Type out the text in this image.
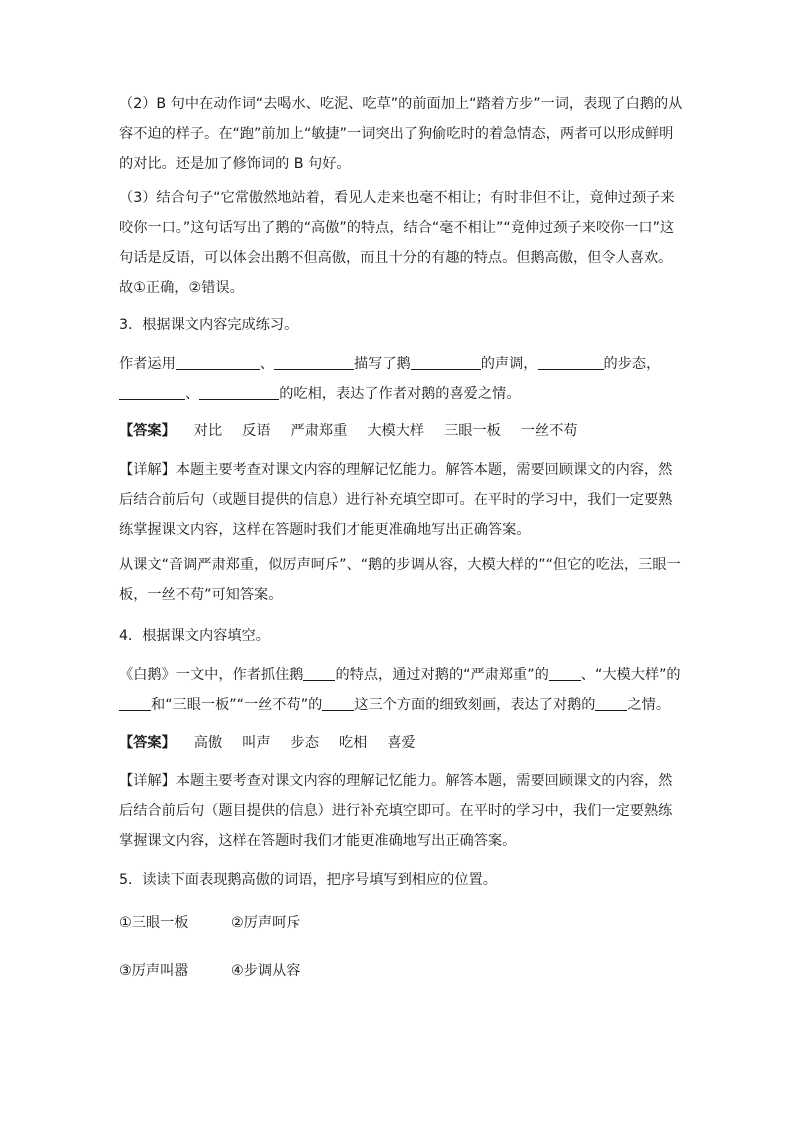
（2）B 句中在动作词“去喝水、吃泥、吃草”的前面加上“踏着方步”一词，表现了白鹅的从
容不迫的样子。在“跑”前加上“敏捷”一词突出了狗偷吃时的着急情态，两者可以形成鲜明
的对比。还是加了修饰词的 B 句好。

（3）结合句子“它常傲然地站着，看见人走来也毫不相让；有时非但不让，竟伸过颈子来
咬你一口。”这句话写出了鹅的“高傲”的特点，结合“毫不相让”“竟伸过颈子来咬你一口”这
句话是反语，可以体会出鹅不但高傲，而且十分的有趣的特点。但鹅高傲，但令人喜欢。
故①正确，②错误。

3．根据课文内容完成练习。

作者运用	、	描写了鹅	的声调，	的步态，
、	的吃相，表达了作者对鹅的喜爱之情。

【答案】 对比 反语 严肃郑重 大模大样 三眼一板 一丝不苟

【详解】本题主要考查对课文内容的理解记忆能力。解答本题，需要回顾课文的内容，然
后结合前后句（或题目提供的信息）进行补充填空即可。在平时的学习中，我们一定要熟
练掌握课文内容，这样在答题时我们才能更准确地写出正确答案。

从课文“音调严肃郑重，似厉声呵斥”、“鹅的步调从容，大模大样的”“但它的吃法，三眼一
板，一丝不苟”可知答案。

4．根据课文内容填空。

《白鹅》一文中，作者抓住鹅 的特点，通过对鹅的“严肃郑重”的 、“大模大样”的
和“三眼一板”“一丝不苟”的 这三个方面的细致刻画，表达了对鹅的 之情。

【答案】 高傲 叫声 步态 吃相 喜爱

【详解】本题主要考查对课文内容的理解记忆能力。解答本题，需要回顾课文的内容，然
后结合前后句（题目提供的信息）进行补充填空即可。在平时的学习中，我们一定要熟练
掌握课文内容，这样在答题时我们才能更准确地写出正确答案。

5．读读下面表现鹅高傲的词语，把序号填写到相应的位置。

①三眼一板	②厉声呵斥

③厉声叫嚣	④步调从容
